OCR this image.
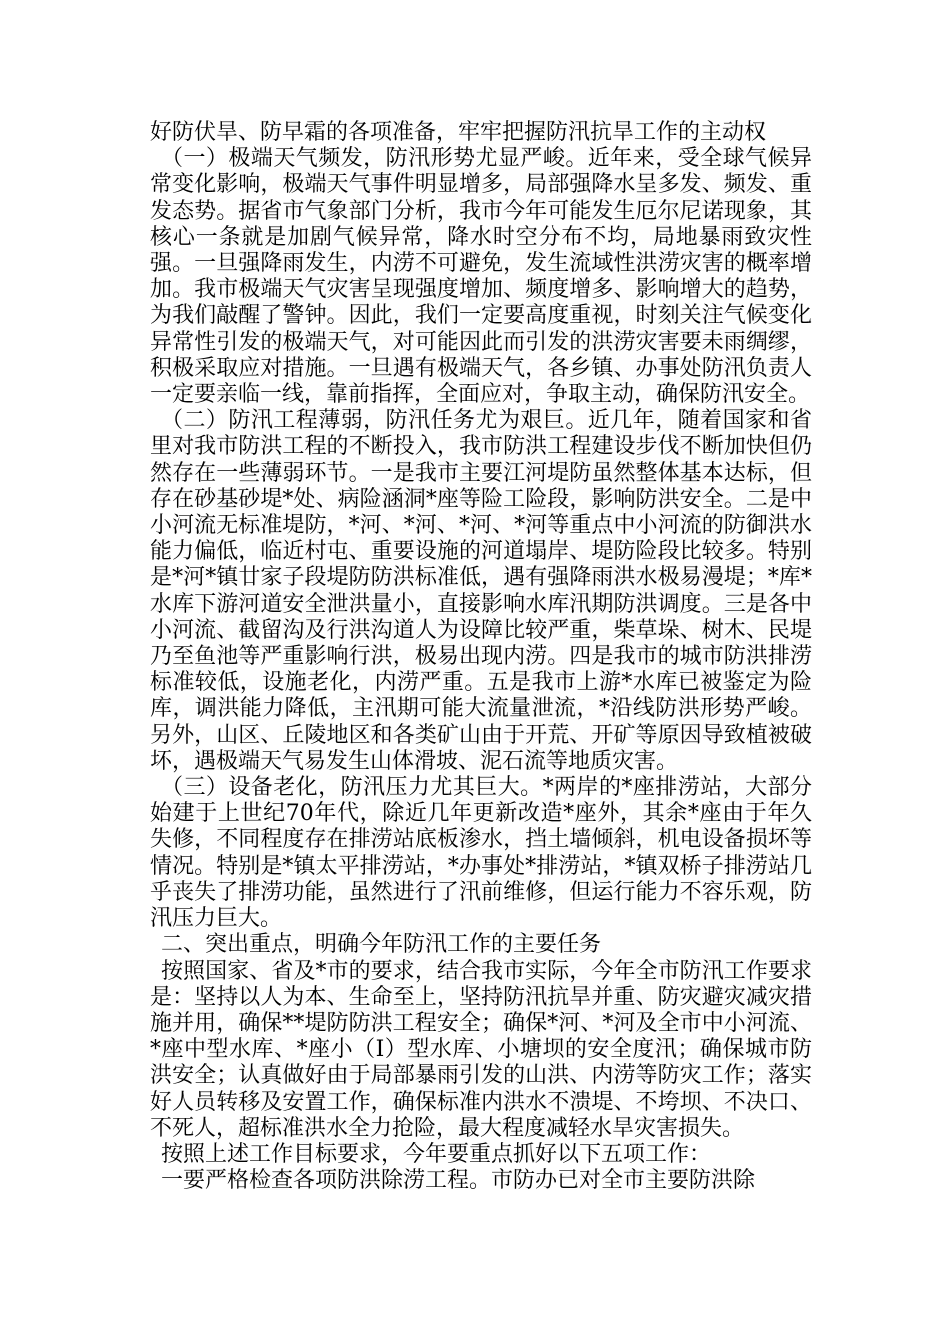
好防伏旱、防早霜的各项准备，牢牢把握防汛抗旱工作的主动权

（一）极端天气频发，防汛形势尤显严峻。近年来，受全球气候异常变化影响，极端天气事件明显增多，局部强降水呈多发、频发、重发态势。据省市气象部门分析，我市今年可能发生厄尔尼诺现象，其核心一条就是加剧气候异常，降水时空分布不均，局地暴雨致灾性强。一旦强降雨发生，内涝不可避免，发生流域性洪涝灾害的概率增加。我市极端天气灾害呈现强度增加、频度增多、影响增大的趋势，为我们敲醒了警钟。因此，我们一定要高度重视，时刻关注气候变化异常性引发的极端天气，对可能因此而引发的洪涝灾害要未雨绸缪，积极采取应对措施。一旦遇有极端天气，各乡镇、办事处防汛负责人一定要亲临一线，靠前指挥，全面应对，争取主动，确保防汛安全。

（二）防汛工程薄弱，防汛任务尤为艰巨。近几年，随着国家和省里对我市防洪工程的不断投入，我市防洪工程建设步伐不断加快但仍然存在一些薄弱环节。一是我市主要江河堤防虽然整体基本达标，但存在砂基砂堤*处、病险涵洞*座等险工险段，影响防洪安全。二是中小河流无标准堤防，*河、*河、*河、*河等重点中小河流的防御洪水能力偏低，临近村屯、重要设施的河道塌岸、堤防险段比较多。特别是*河*镇廿家子段堤防防洪标准低，遇有强降雨洪水极易漫堤；*库*水库下游河道安全泄洪量小，直接影响水库汛期防洪调度。三是各中小河流、截留沟及行洪沟道人为设障比较严重，柴草垛、树木、民堤乃至鱼池等严重影响行洪，极易出现内涝。四是我市的城市防洪排涝标准较低，设施老化，内涝严重。五是我市上游*水库已被鉴定为险库，调洪能力降低，主汛期可能大流量泄流，*沿线防洪形势严峻。另外，山区、丘陵地区和各类矿山由于开荒、开矿等原因导致植被破坏，遇极端天气易发生山体滑坡、泥石流等地质灾害。

（三）设备老化，防汛压力尤其巨大。*两岸的*座排涝站，大部分始建于上世纪70年代，除近几年更新改造*座外，其余*座由于年久失修，不同程度存在排涝站底板渗水，挡土墙倾斜，机电设备损坏等情况。特别是*镇太平排涝站，*办事处*排涝站，*镇双桥子排涝站几乎丧失了排涝功能，虽然进行了汛前维修，但运行能力不容乐观，防汛压力巨大。

二、突出重点，明确今年防汛工作的主要任务

按照国家、省及*市的要求，结合我市实际，今年全市防汛工作要求是：坚持以人为本、生命至上，坚持防汛抗旱并重、防灾避灾减灾措施并用，确保**堤防防洪工程安全；确保*河、*河及全市中小河流、*座中型水库、*座小（Ⅰ）型水库、小塘坝的安全度汛；确保城市防洪安全；认真做好由于局部暴雨引发的山洪、内涝等防灾工作；落实好人员转移及安置工作，确保标准内洪水不溃堤、不垮坝、不决口、不死人，超标准洪水全力抢险，最大程度减轻水旱灾害损失。

按照上述工作目标要求，今年要重点抓好以下五项工作：

一要严格检查各项防洪除涝工程。市防办已对全市主要防洪除
